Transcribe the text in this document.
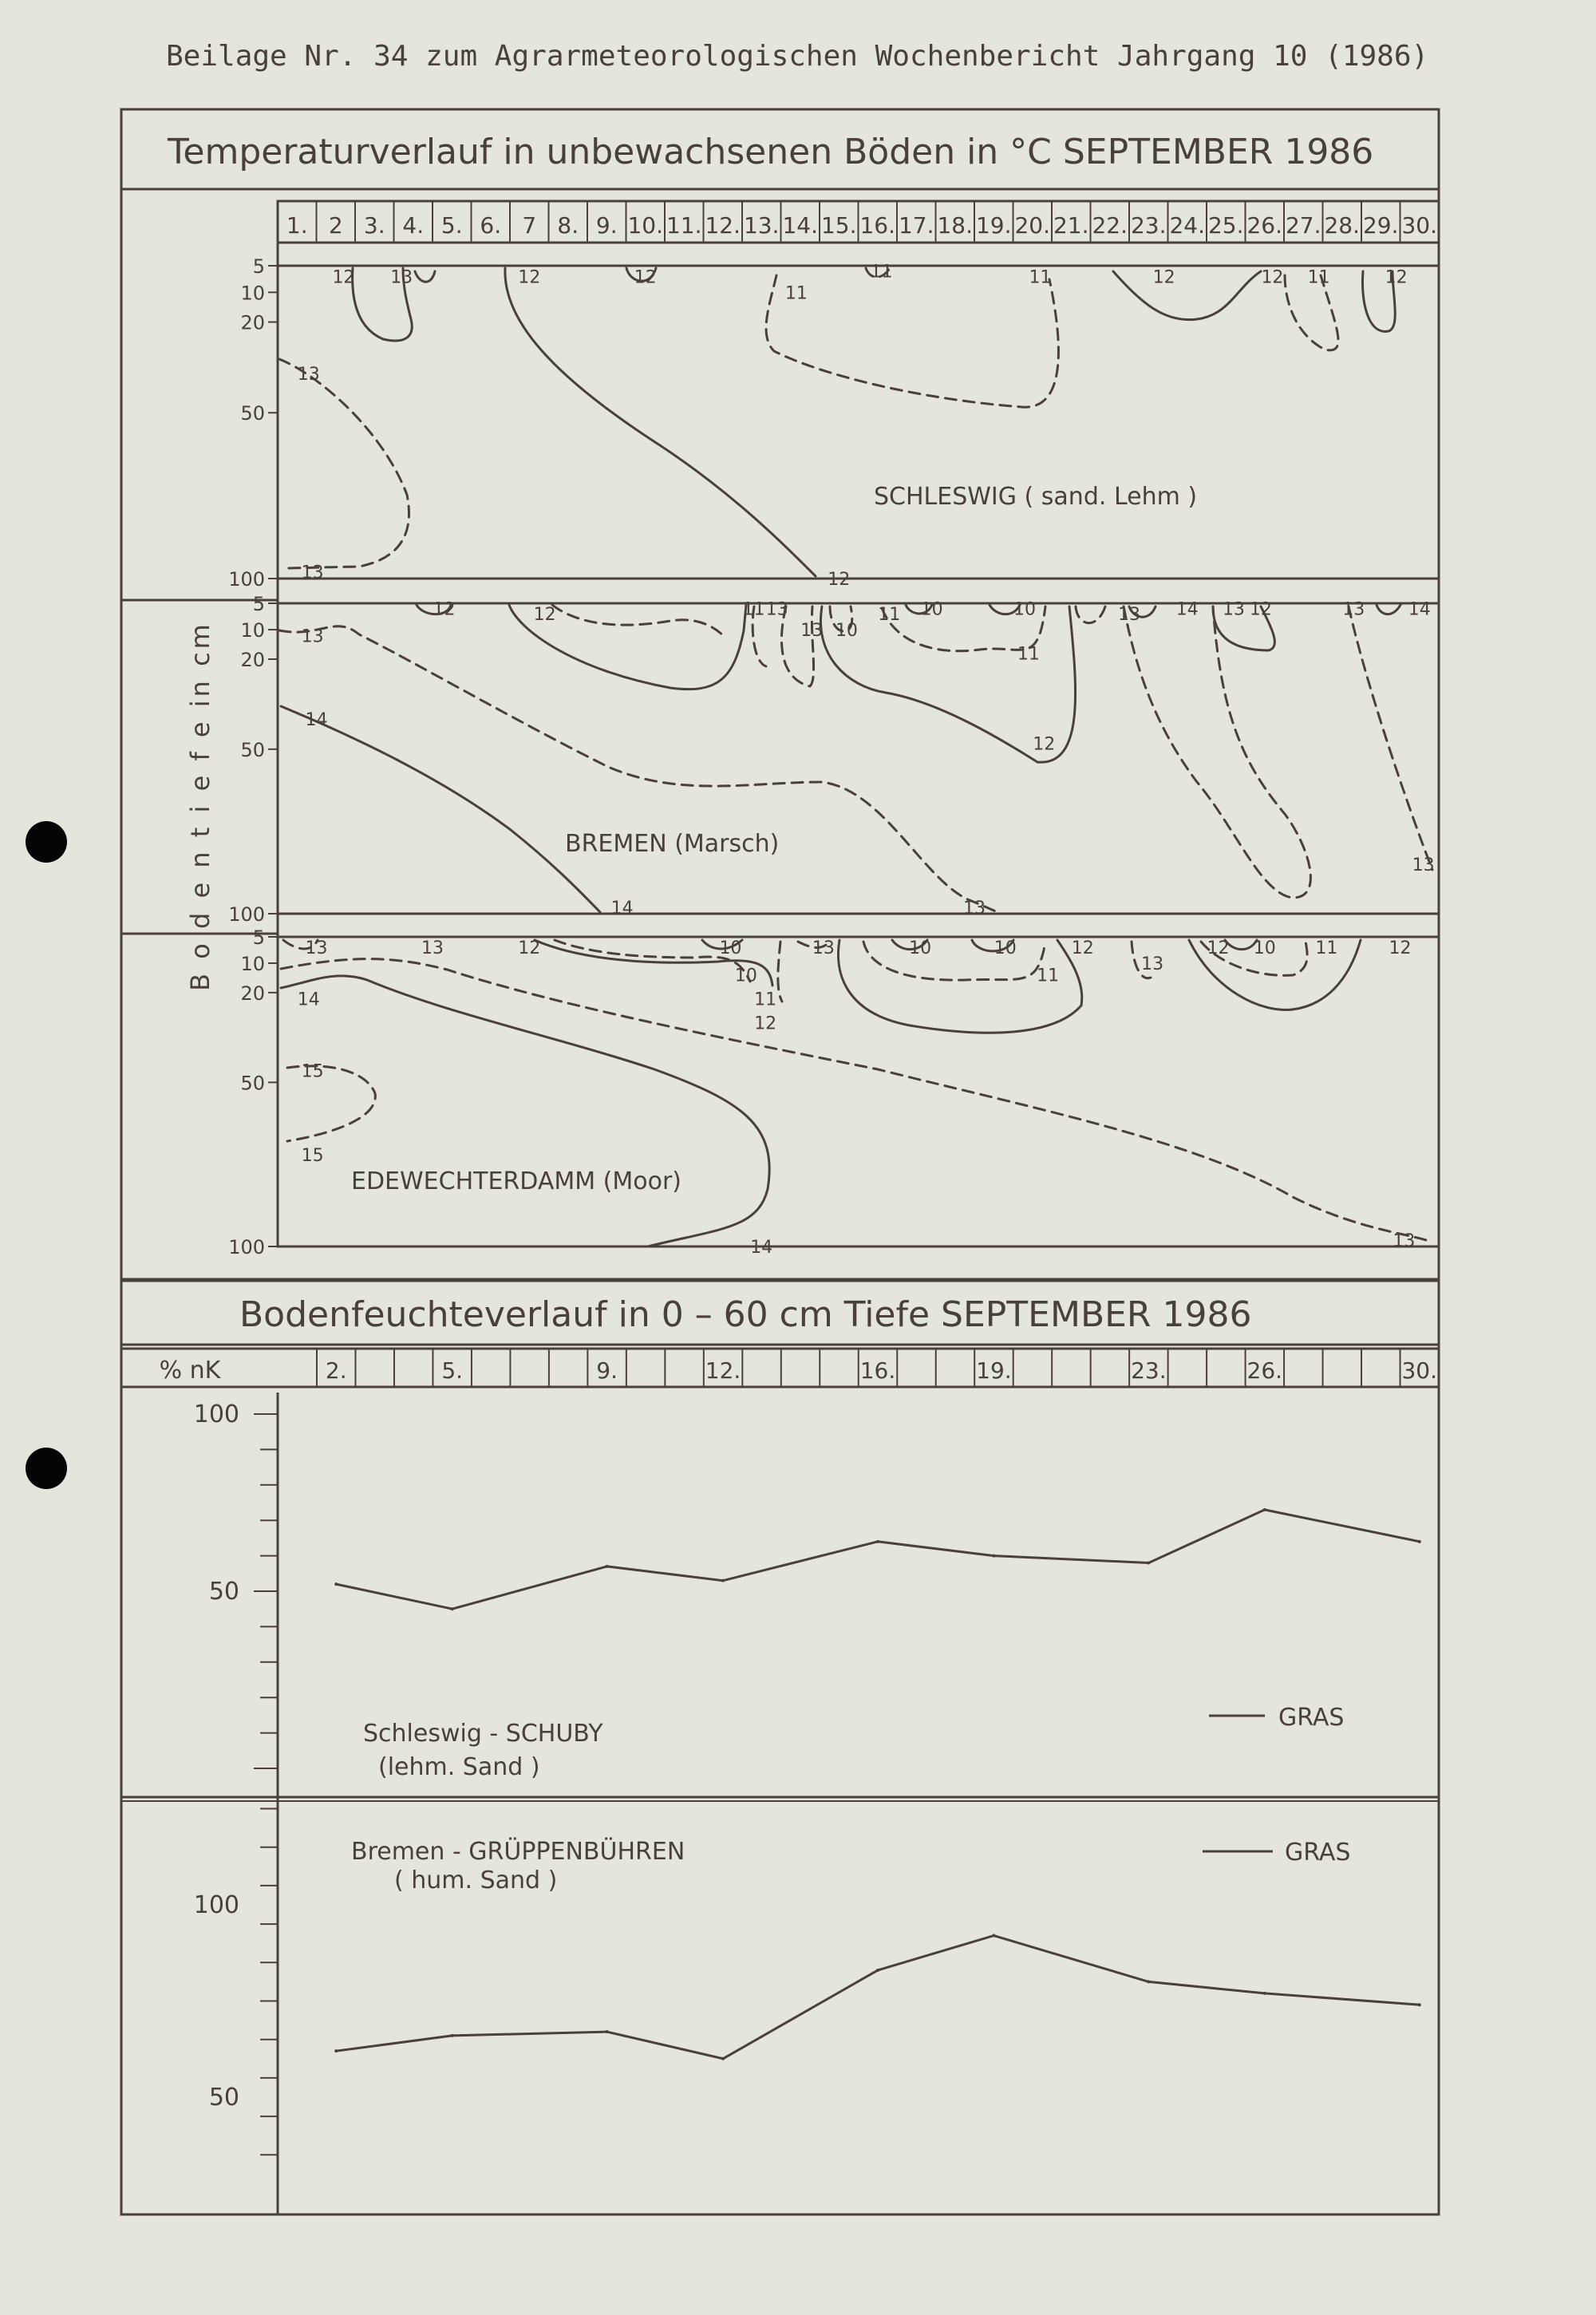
Beilage Nr. 34 zum Agrarmeteorologischen Wochenbericht Jahrgang 10 (1986)
Temperaturverlauf in unbewachsenen Böden in °C SEPTEMBER 1986
1. 2 3. 4. 5. 6. 7 8. 9. 10. 11. 12. 13. 14. 15. 16. 17. 18. 19. 20. 21. 22. 23. 24. 25. 26. 27. 28. 29. 30.
B o d e n t i e f e in cm
5
10
20
50
100
12 13	12	12
11
11	11	12	12 11	12
13
13	12
5
10
20
50
100
12	12	11 13
13 10
11 10	10
11
12
13 14 13 12	13 14
13
14
14	13
13
5
10
20
50
100
13	13	12	10
10
11
12
13	10	10
11
12
13
12 10 11	12
14
15
15
14	13
SCHLESWIG ( sand. Lehm )
BREMEN (Marsch)
EDEWECHTERDAMM (Moor)
Bodenfeuchteverlauf in 0 – 60 cm Tiefe SEPTEMBER 1986
% nK	2.	5.	9.	12.	16.	19.	23.	26.	30.
100
50
100
50
Schleswig - SCHUBY
(lehm. Sand )
GRAS
Bremen - GRÜPPENBÜHREN
( hum. Sand )
GRAS
